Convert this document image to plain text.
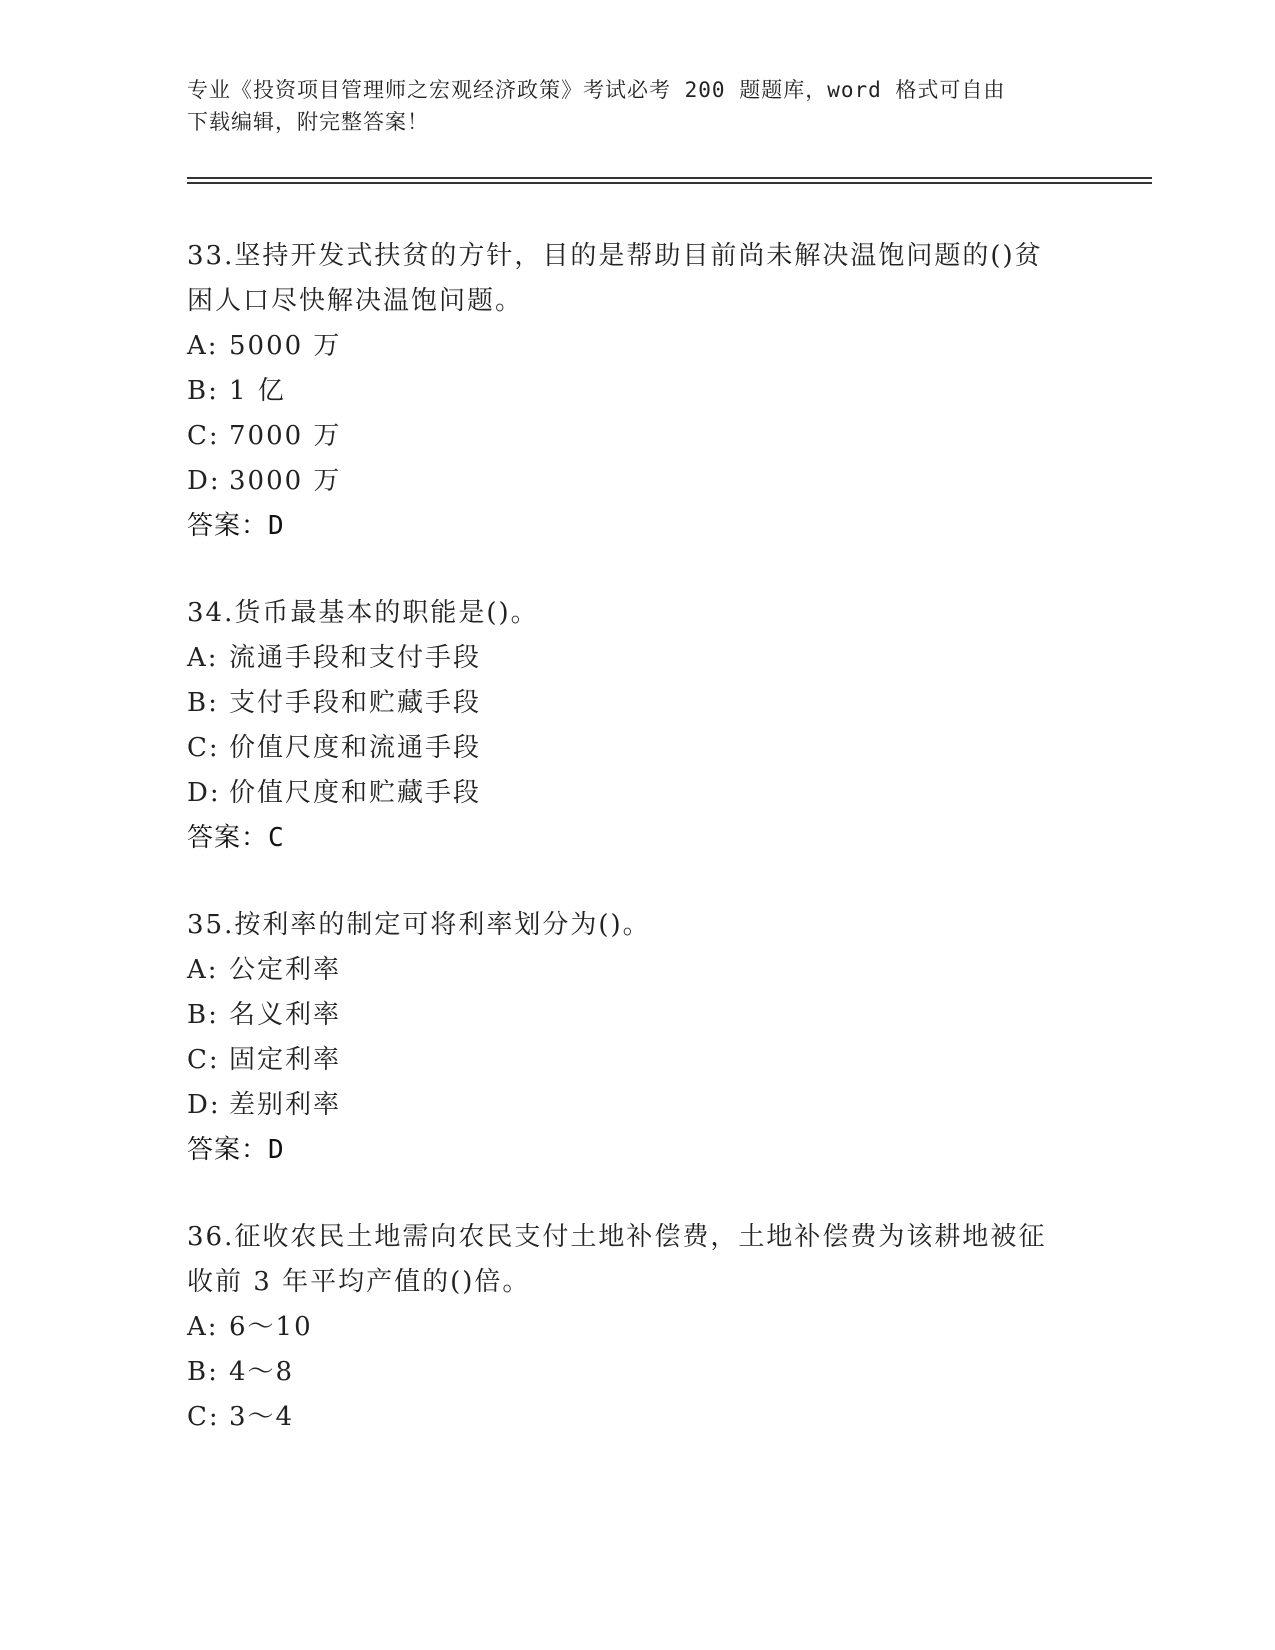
专业《投资项目管理师之宏观经济政策》考试必考 200 题题库，word 格式可自由
下载编辑，附完整答案！
33.坚持开发式扶贫的方针，目的是帮助目前尚未解决温饱问题的()贫
困人口尽快解决温饱问题。
A: 5000 万
B: 1 亿
C: 7000 万
D: 3000 万
答案：D
34.货币最基本的职能是()。
A: 流通手段和支付手段
B: 支付手段和贮藏手段
C: 价值尺度和流通手段
D: 价值尺度和贮藏手段
答案：C
35.按利率的制定可将利率划分为()。
A: 公定利率
B: 名义利率
C: 固定利率
D: 差别利率
答案：D
36.征收农民土地需向农民支付土地补偿费，土地补偿费为该耕地被征
收前 3 年平均产值的()倍。
A: 6～10
B: 4～8
C: 3～4
